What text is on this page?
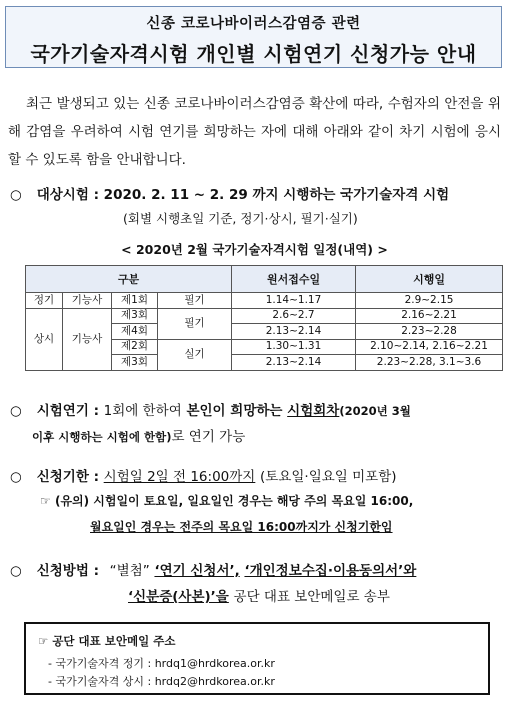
신종 코로나바이러스감염증 관련
국가기술자격시험 개인별 시험연기 신청가능 안내
최근 발생되고 있는 신종 코로나바이러스감염증 확산에 따라, 수험자의 안전을 위해 감염을 우려하여 시험 연기를 희망하는 자에 대해 아래와 같이 차기 시험에 응시할 수 있도록 함을 안내합니다.
○ 대상시험 : 2020. 2. 11 ~ 2. 29 까지 시행하는 국가기술자격 시험
(회별 시행초일 기준, 정기·상시, 필기·실기)
< 2020년 2월 국가기술자격시험 일정(내역) >
구분				원서접수일	시행일
정기	기능사	제1회	필기	1.14~1.17	2.9~2.15
상시	기능사	제3회	필기	2.6~2.7	2.16~2.21
		제4회		2.13~2.14	2.23~2.28
		제2회	실기	1.30~1.31	2.10~2.14, 2.16~2.21
		제3회		2.13~2.14	2.23~2.28, 3.1~3.6
○ 시험연기 : 1회에 한하여 본인이 희망하는 시험회차(2020년 3월
이후 시행하는 시험에 한함)로 연기 가능
○ 신청기한 : 시험일 2일 전 16:00까지 (토요일·일요일 미포함)
☞ (유의) 시험일이 토요일, 일요일인 경우는 해당 주의 목요일 16:00,
월요일인 경우는 전주의 목요일 16:00까지가 신청기한임
○ 신청방법 : “별첨” ‘연기 신청서’, ‘개인정보수집·이용동의서’와
‘신분증(사본)’을 공단 대표 보안메일로 송부
☞ 공단 대표 보안메일 주소
- 국가기술자격 정기 : hrdq1@hrdkorea.or.kr
- 국가기술자격 상시 : hrdq2@hrdkorea.or.kr
